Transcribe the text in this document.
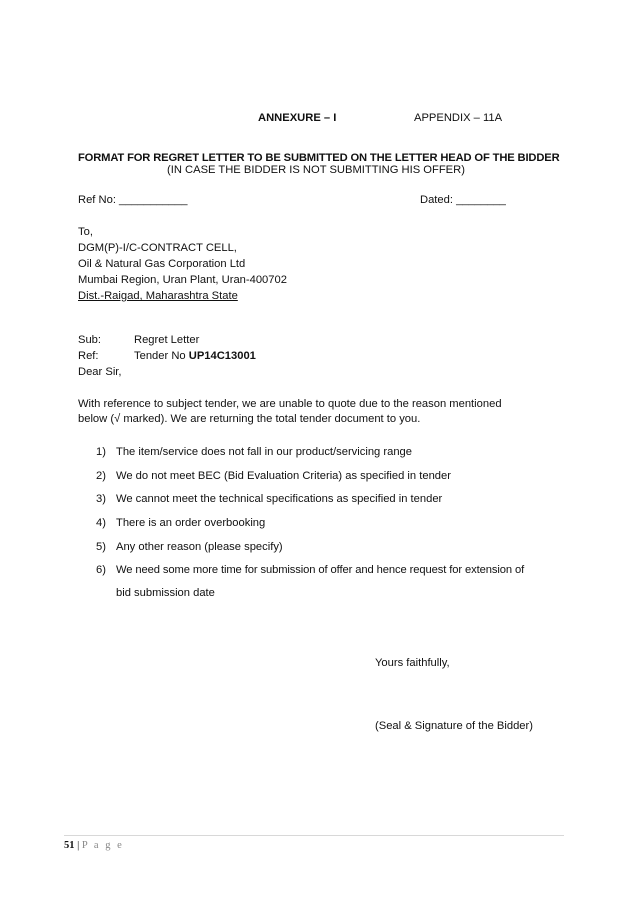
ANNEXURE – I	APPENDIX – 11A
FORMAT FOR REGRET LETTER TO BE SUBMITTED ON THE LETTER HEAD OF THE BIDDER
(IN CASE THE BIDDER IS NOT SUBMITTING HIS OFFER)
Ref No: ___________	Dated: ________
To,
DGM(P)-I/C-CONTRACT CELL,
Oil & Natural Gas Corporation Ltd
Mumbai Region, Uran Plant, Uran-400702
Dist.-Raigad, Maharashtra State
Sub:	Regret Letter
Ref:	Tender No UP14C13001
Dear Sir,
With reference to subject tender, we are unable to quote due to the reason mentioned
below (√ marked). We are returning the total tender document to you.
1) The item/service does not fall in our product/servicing range
2) We do not meet BEC (Bid Evaluation Criteria) as specified in tender
3) We cannot meet the technical specifications as specified in tender
4) There is an order overbooking
5) Any other reason (please specify)
6) We need some more time for submission of offer and hence request for extension of
bid submission date
Yours faithfully,
(Seal & Signature of the Bidder)
51 | P a g e
